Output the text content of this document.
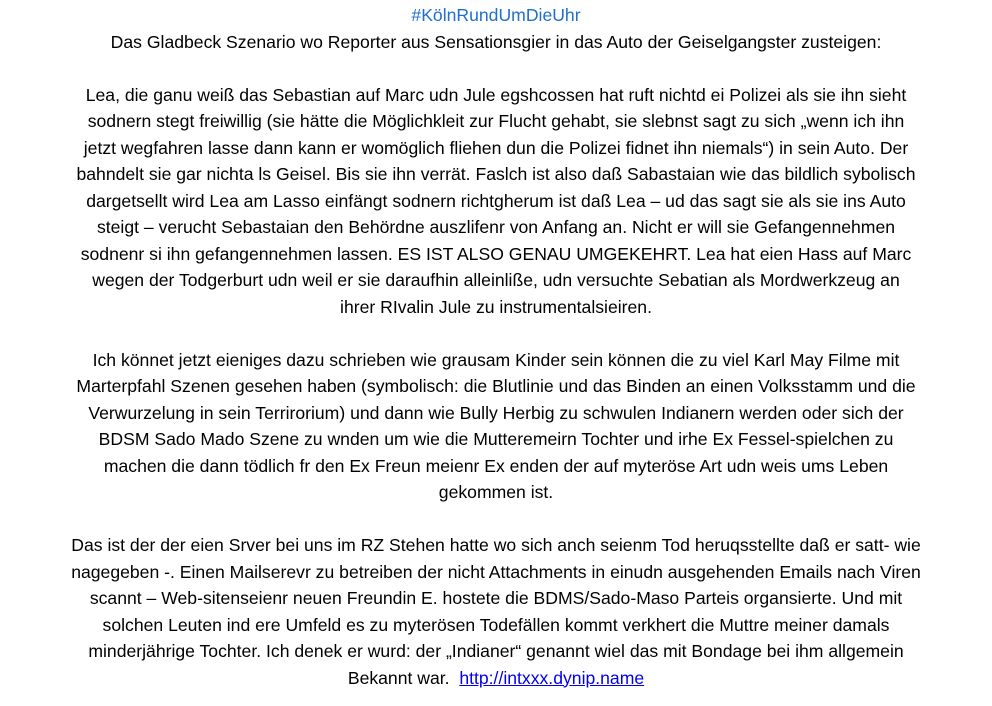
#KölnRundUmDieUhr
Das Gladbeck Szenario wo Reporter aus Sensationsgier in das Auto der Geiselgangster zusteigen:
Lea, die ganu weiß das Sebastian auf Marc udn Jule egshcossen hat ruft nichtd ei Polizei als sie ihn sieht
sodnern stegt freiwillig (sie hätte die Möglichkleit zur Flucht gehabt, sie slebnst sagt zu sich „wenn ich ihn
jetzt wegfahren lasse dann kann er womöglich fliehen dun die Polizei fidnet ihn niemals“) in sein Auto. Der
bahndelt sie gar nichta ls Geisel. Bis sie ihn verrät. Faslch ist also daß Sabastaian wie das bildlich sybolisch
dargetsellt wird Lea am Lasso einfängt sodnern richtgherum ist daß Lea – ud das sagt sie als sie ins Auto
steigt – verucht Sebastaian den Behördne auszlifenr von Anfang an. Nicht er will sie Gefangennehmen
sodnenr si ihn gefangennehmen lassen. ES IST ALSO GENAU UMGEKEHRT. Lea hat eien Hass auf Marc
wegen der Todgerburt udn weil er sie daraufhin alleinliße, udn versuchte Sebatian als Mordwerkzeug an
ihrer RIvalin Jule zu instrumentalsieiren.
Ich könnet jetzt eieniges dazu schrieben wie grausam Kinder sein können die zu viel Karl May Filme mit
Marterpfahl Szenen gesehen haben (symbolisch: die Blutlinie und das Binden an einen Volksstamm und die
Verwurzelung in sein Terrirorium) und dann wie Bully Herbig zu schwulen Indianern werden oder sich der
BDSM Sado Mado Szene zu wnden um wie die Mutteremeirn Tochter und irhe Ex Fessel-spielchen zu
machen die dann tödlich fr den Ex Freun meienr Ex enden der auf myteröse Art udn weis ums Leben
gekommen ist.
Das ist der der eien Srver bei uns im RZ Stehen hatte wo sich anch seienm Tod heruqsstellte daß er satt- wie
nagegeben -. Einen Mailserevr zu betreiben der nicht Attachments in einudn ausgehenden Emails nach Viren
scannt – Web-sitenseienr neuen Freundin E. hostete die BDMS/Sado-Maso Parteis organsierte. Und mit
solchen Leuten ind ere Umfeld es zu myterösen Todefällen kommt verkhert die Muttre meiner damals
minderjährige Tochter. Ich denek er wurd: der „Indianer“ genannt wiel das mit Bondage bei ihm allgemein
Bekannt war. http://intxxx.dynip.name
